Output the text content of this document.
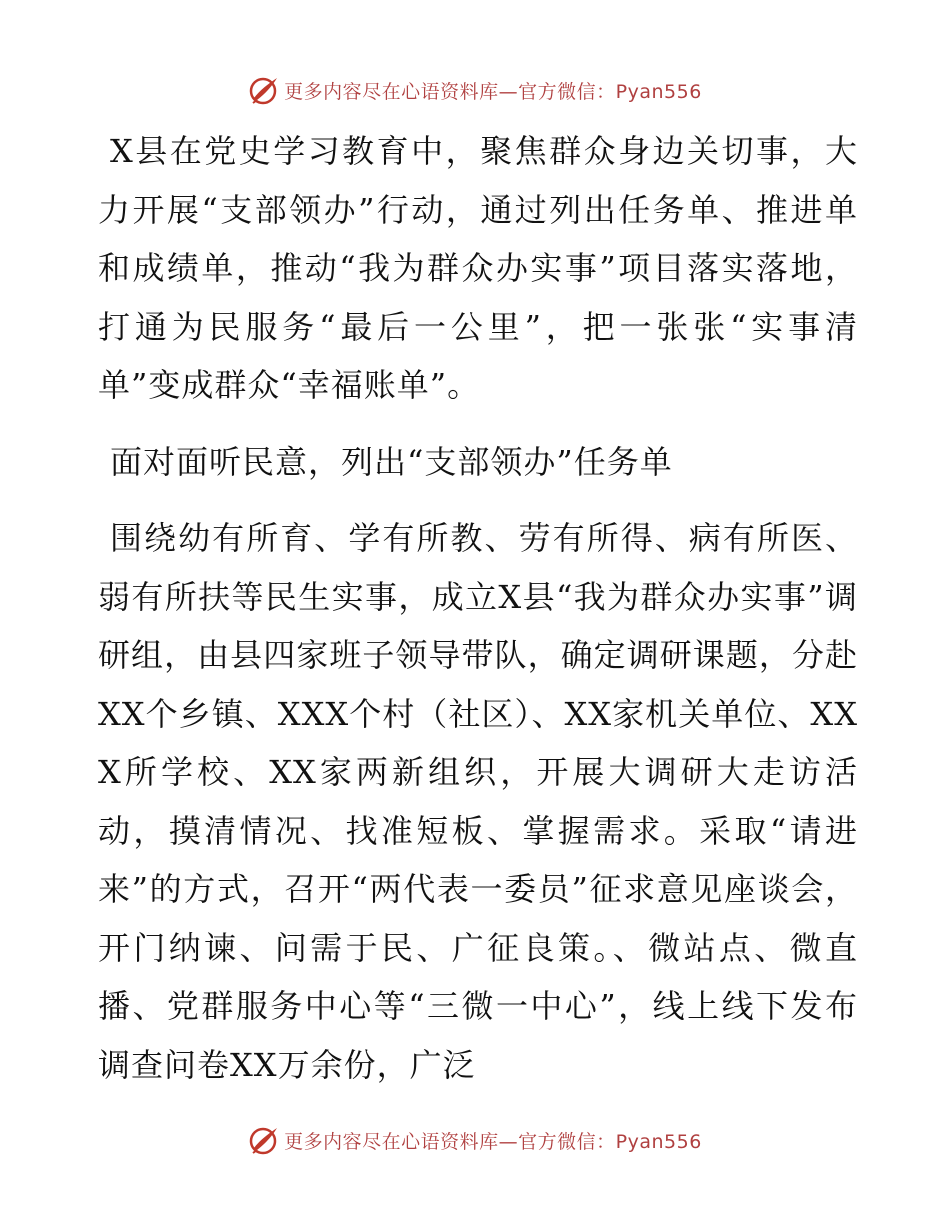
更多内容尽在心语资料库—官方微信：Pyan556

X县在党史学习教育中，聚焦群众身边关切事，大力开展“支部领办”行动，通过列出任务单、推进单和成绩单，推动“我为群众办实事”项目落实落地，打通为民服务“最后一公里”，把一张张“实事清单”变成群众“幸福账单”。

面对面听民意，列出“支部领办”任务单

围绕幼有所育、学有所教、劳有所得、病有所医、弱有所扶等民生实事，成立X县“我为群众办实事”调研组，由县四家班子领导带队，确定调研课题，分赴XX个乡镇、XXX个村（社区）、XX家机关单位、XXX所学校、XX家两新组织，开展大调研大走访活动，摸清情况、找准短板、掌握需求。采取“请进来”的方式，召开“两代表一委员”征求意见座谈会，开门纳谏、问需于民、广征良策。、微站点、微直播、党群服务中心等“三微一中心”，线上线下发布调查问卷XX万余份，广泛

更多内容尽在心语资料库—官方微信：Pyan556
